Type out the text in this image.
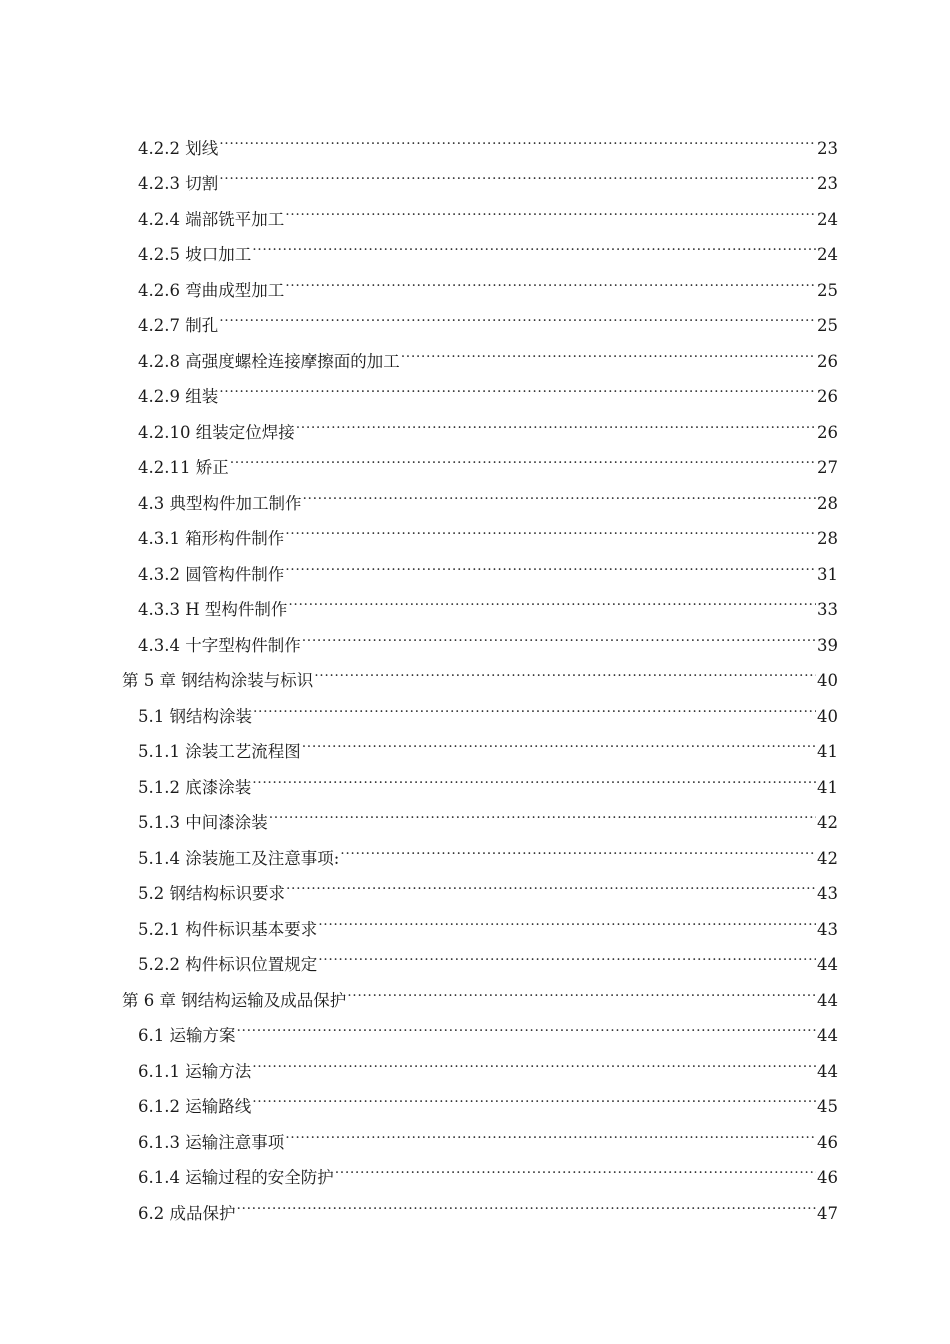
4.2.2 划线 .....	23
4.2.3 切割 .....	23
4.2.4 端部铣平加工 .....	24
4.2.5 坡口加工 .....	24
4.2.6 弯曲成型加工 .....	25
4.2.7 制孔 .....	25
4.2.8 高强度螺栓连接摩擦面的加工 .....	26
4.2.9 组装 .....	26
4.2.10 组装定位焊接 .....	26
4.2.11 矫正 .....	27
4.3 典型构件加工制作 .....	28
4.3.1 箱形构件制作 .....	28
4.3.2 圆管构件制作 .....	31
4.3.3 H 型构件制作 .....	33
4.3.4 十字型构件制作 .....	39
第 5 章 钢结构涂装与标识 .....	40
5.1 钢结构涂装 .....	40
5.1.1 涂装工艺流程图 .....	41
5.1.2 底漆涂装 .....	41
5.1.3 中间漆涂装 .....	42
5.1.4 涂装施工及注意事项: .....	42
5.2 钢结构标识要求 .....	43
5.2.1 构件标识基本要求 .....	43
5.2.2 构件标识位置规定 .....	44
第 6 章 钢结构运输及成品保护 .....	44
6.1 运输方案 .....	44
6.1.1 运输方法 .....	44
6.1.2 运输路线 .....	45
6.1.3 运输注意事项 .....	46
6.1.4 运输过程的安全防护 .....	46
6.2 成品保护 .....	47
